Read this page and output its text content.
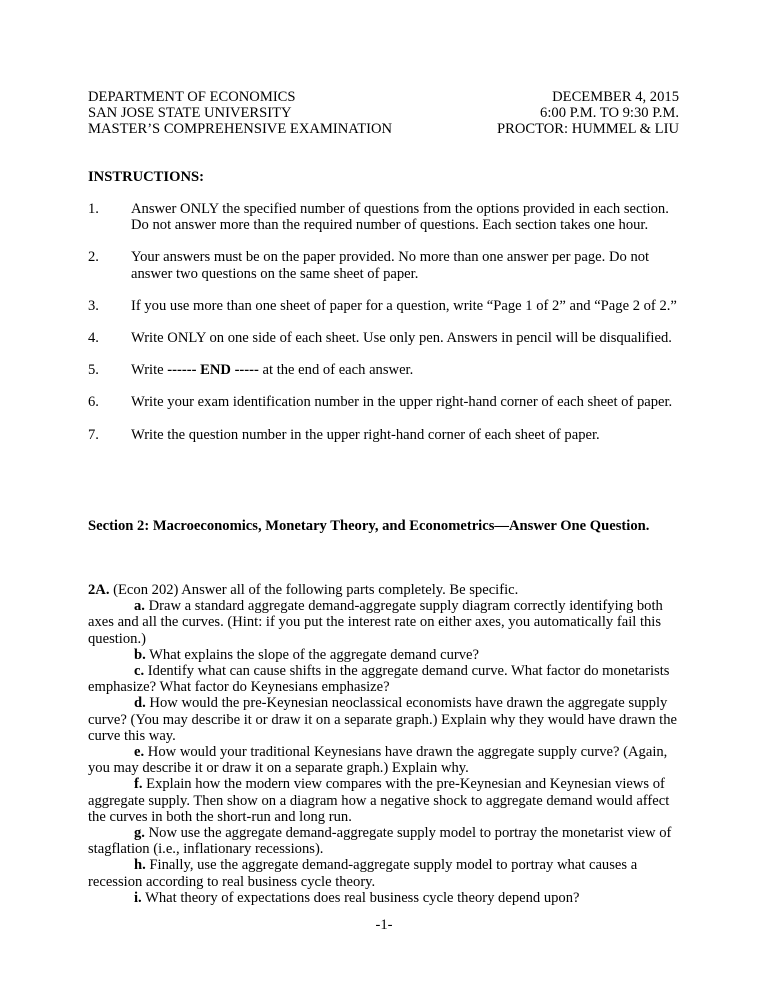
DEPARTMENT OF ECONOMICS
SAN JOSE STATE UNIVERSITY
MASTER’S COMPREHENSIVE EXAMINATION
DECEMBER 4, 2015
6:00 P.M. TO 9:30 P.M.
PROCTOR: HUMMEL & LIU
INSTRUCTIONS:
1.	Answer ONLY the specified number of questions from the options provided in each section. Do not answer more than the required number of questions. Each section takes one hour.
2.	Your answers must be on the paper provided. No more than one answer per page. Do not answer two questions on the same sheet of paper.
3.	If you use more than one sheet of paper for a question, write “Page 1 of 2” and “Page 2 of 2.”
4.	Write ONLY on one side of each sheet. Use only pen. Answers in pencil will be disqualified.
5.	Write ------ END ----- at the end of each answer.
6.	Write your exam identification number in the upper right-hand corner of each sheet of paper.
7.	Write the question number in the upper right-hand corner of each sheet of paper.
Section 2: Macroeconomics, Monetary Theory, and Econometrics—Answer One Question.
2A. (Econ 202) Answer all of the following parts completely. Be specific.
a. Draw a standard aggregate demand-aggregate supply diagram correctly identifying both axes and all the curves. (Hint: if you put the interest rate on either axes, you automatically fail this question.)
b. What explains the slope of the aggregate demand curve?
c. Identify what can cause shifts in the aggregate demand curve. What factor do monetarists emphasize? What factor do Keynesians emphasize?
d. How would the pre-Keynesian neoclassical economists have drawn the aggregate supply curve? (You may describe it or draw it on a separate graph.) Explain why they would have drawn the curve this way.
e. How would your traditional Keynesians have drawn the aggregate supply curve? (Again, you may describe it or draw it on a separate graph.) Explain why.
f. Explain how the modern view compares with the pre-Keynesian and Keynesian views of aggregate supply. Then show on a diagram how a negative shock to aggregate demand would affect the curves in both the short-run and long run.
g. Now use the aggregate demand-aggregate supply model to portray the monetarist view of stagflation (i.e., inflationary recessions).
h. Finally, use the aggregate demand-aggregate supply model to portray what causes a recession according to real business cycle theory.
i. What theory of expectations does real business cycle theory depend upon?
-1-
